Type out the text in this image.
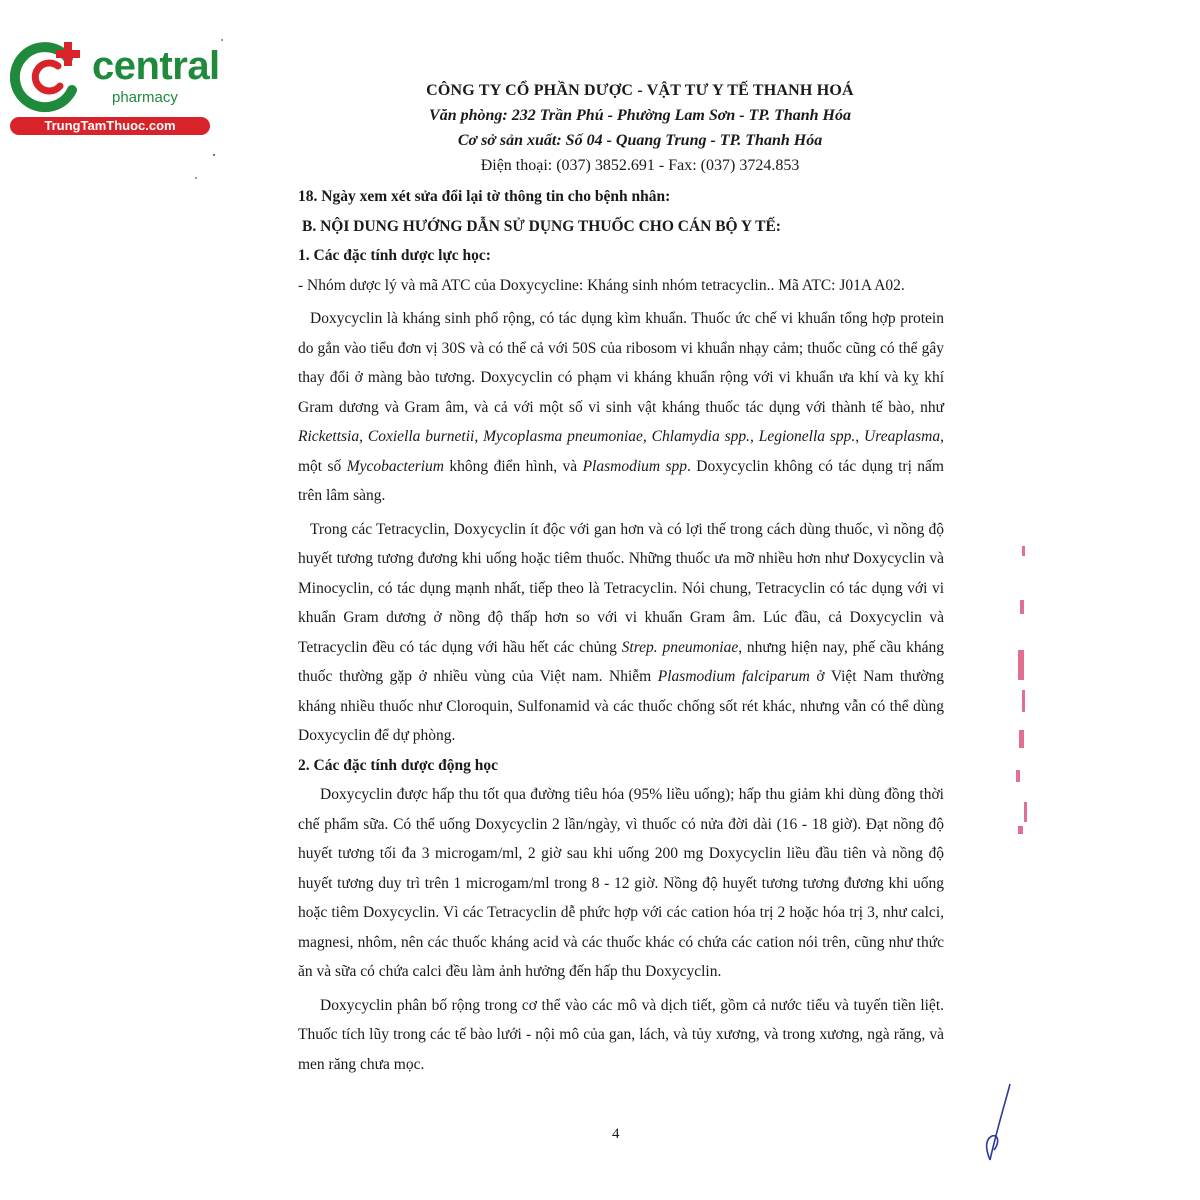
central
pharmacy
TrungTamThuoc.com
CÔNG TY CỔ PHẦN DƯỢC - VẬT TƯ Y TẾ THANH HOÁ
Văn phòng: 232 Trần Phú - Phường Lam Sơn - TP. Thanh Hóa
Cơ sở sản xuất: Số 04 - Quang Trung - TP. Thanh Hóa
Điện thoại: (037) 3852.691 - Fax: (037) 3724.853

18. Ngày xem xét sửa đổi lại tờ thông tin cho bệnh nhân:

B. NỘI DUNG HƯỚNG DẪN SỬ DỤNG THUỐC CHO CÁN BỘ Y TẾ:

1. Các đặc tính dược lực học:

- Nhóm dược lý và mã ATC của Doxycycline: Kháng sinh nhóm tetracyclin.. Mã ATC: J01A A02.

Doxycyclin là kháng sinh phổ rộng, có tác dụng kìm khuẩn. Thuốc ức chế vi khuẩn tổng hợp protein do gắn vào tiểu đơn vị 30S và có thể cả với 50S của ribosom vi khuẩn nhạy cảm; thuốc cũng có thể gây thay đổi ở màng bào tương. Doxycyclin có phạm vi kháng khuẩn rộng với vi khuẩn ưa khí và kỵ khí Gram dương và Gram âm, và cả với một số vi sinh vật kháng thuốc tác dụng với thành tế bào, như Rickettsia, Coxiella burnetii, Mycoplasma pneumoniae, Chlamydia spp., Legionella spp., Ureaplasma, một số Mycobacterium không điển hình, và Plasmodium spp. Doxycyclin không có tác dụng trị nấm trên lâm sàng.

Trong các Tetracyclin, Doxycyclin ít độc với gan hơn và có lợi thế trong cách dùng thuốc, vì nồng độ huyết tương tương đương khi uống hoặc tiêm thuốc. Những thuốc ưa mỡ nhiều hơn như Doxycyclin và Minocyclin, có tác dụng mạnh nhất, tiếp theo là Tetracyclin. Nói chung, Tetracyclin có tác dụng với vi khuẩn Gram dương ở nồng độ thấp hơn so với vi khuẩn Gram âm. Lúc đầu, cả Doxycyclin và Tetracyclin đều có tác dụng với hầu hết các chủng Strep. pneumoniae, nhưng hiện nay, phế cầu kháng thuốc thường gặp ở nhiều vùng của Việt nam. Nhiễm Plasmodium falciparum ở Việt Nam thường kháng nhiều thuốc như Cloroquin, Sulfonamid và các thuốc chống sốt rét khác, nhưng vẫn có thể dùng Doxycyclin để dự phòng.

2. Các đặc tính dược động học

Doxycyclin được hấp thu tốt qua đường tiêu hóa (95% liều uống); hấp thu giảm khi dùng đồng thời chế phẩm sữa. Có thể uống Doxycyclin 2 lần/ngày, vì thuốc có nửa đời dài (16 - 18 giờ). Đạt nồng độ huyết tương tối đa 3 microgam/ml, 2 giờ sau khi uống 200 mg Doxycyclin liều đầu tiên và nồng độ huyết tương duy trì trên 1 microgam/ml trong 8 - 12 giờ. Nồng độ huyết tương tương đương khi uống hoặc tiêm Doxycyclin. Vì các Tetracyclin dễ phức hợp với các cation hóa trị 2 hoặc hóa trị 3, như calci, magnesi, nhôm, nên các thuốc kháng acid và các thuốc khác có chứa các cation nói trên, cũng như thức ăn và sữa có chứa calci đều làm ảnh hưởng đến hấp thu Doxycyclin.

Doxycyclin phân bố rộng trong cơ thể vào các mô và dịch tiết, gồm cả nước tiểu và tuyến tiền liệt. Thuốc tích lũy trong các tế bào lưới - nội mô của gan, lách, và tủy xương, và trong xương, ngà răng, và men răng chưa mọc.

4
